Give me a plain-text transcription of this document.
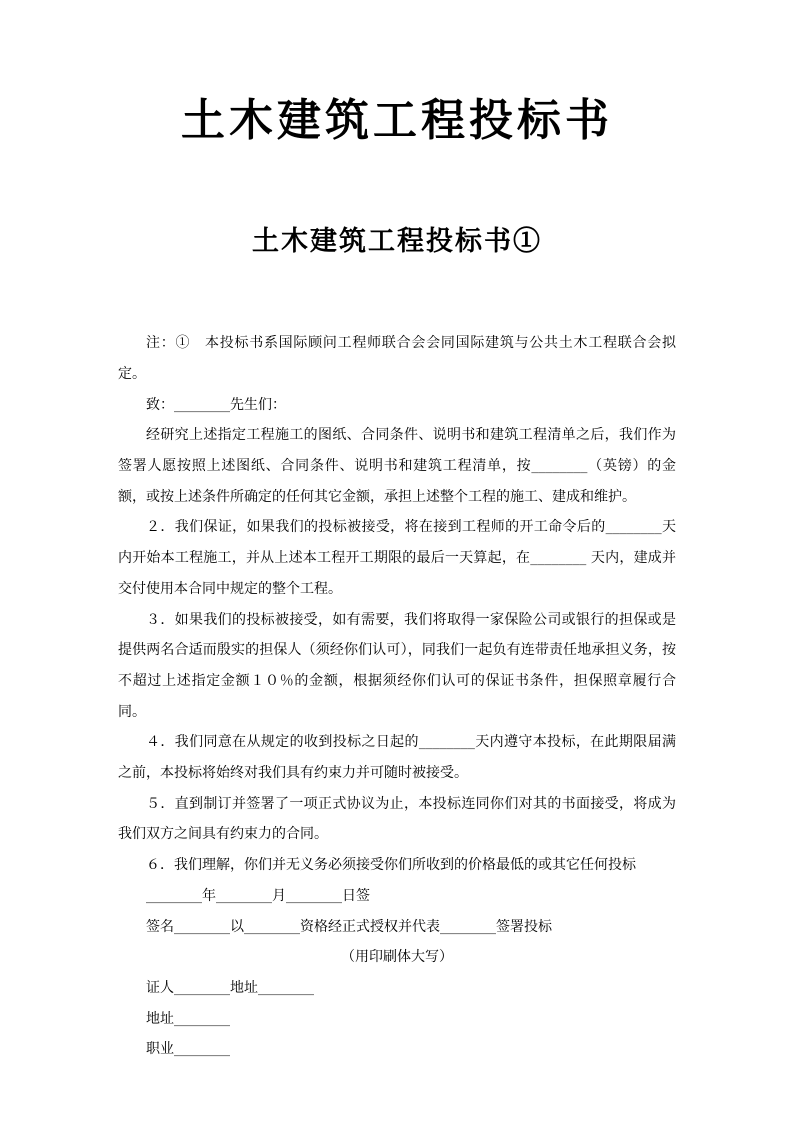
土木建筑工程投标书
土木建筑工程投标书①

注：①　本投标书系国际顾问工程师联合会会同国际建筑与公共土木工程联合会拟定。

致：________先生们：

经研究上述指定工程施工的图纸、合同条件、说明书和建筑工程清单之后，我们作为签署人愿按照上述图纸、合同条件、说明书和建筑工程清单，按________（英镑）的金额，或按上述条件所确定的任何其它金额，承担上述整个工程的施工、建成和维护。

２．我们保证，如果我们的投标被接受，将在接到工程师的开工命令后的________天内开始本工程施工，并从上述本工程开工期限的最后一天算起，在________ 天内，建成并交付使用本合同中规定的整个工程。

３．如果我们的投标被接受，如有需要，我们将取得一家保险公司或银行的担保或是提供两名合适而殷实的担保人（须经你们认可），同我们一起负有连带责任地承担义务，按不超过上述指定金额１０％的金额，根据须经你们认可的保证书条件，担保照章履行合同。

４．我们同意在从规定的收到投标之日起的________天内遵守本投标，在此期限届满之前，本投标将始终对我们具有约束力并可随时被接受。

５．直到制订并签署了一项正式协议为止，本投标连同你们对其的书面接受，将成为我们双方之间具有约束力的合同。

６．我们理解，你们并无义务必须接受你们所收到的价格最低的或其它任何投标

________年________月________日签

签名________以________资格经正式授权并代表________签署投标

（用印刷体大写）

证人________地址________

地址________

职业________
